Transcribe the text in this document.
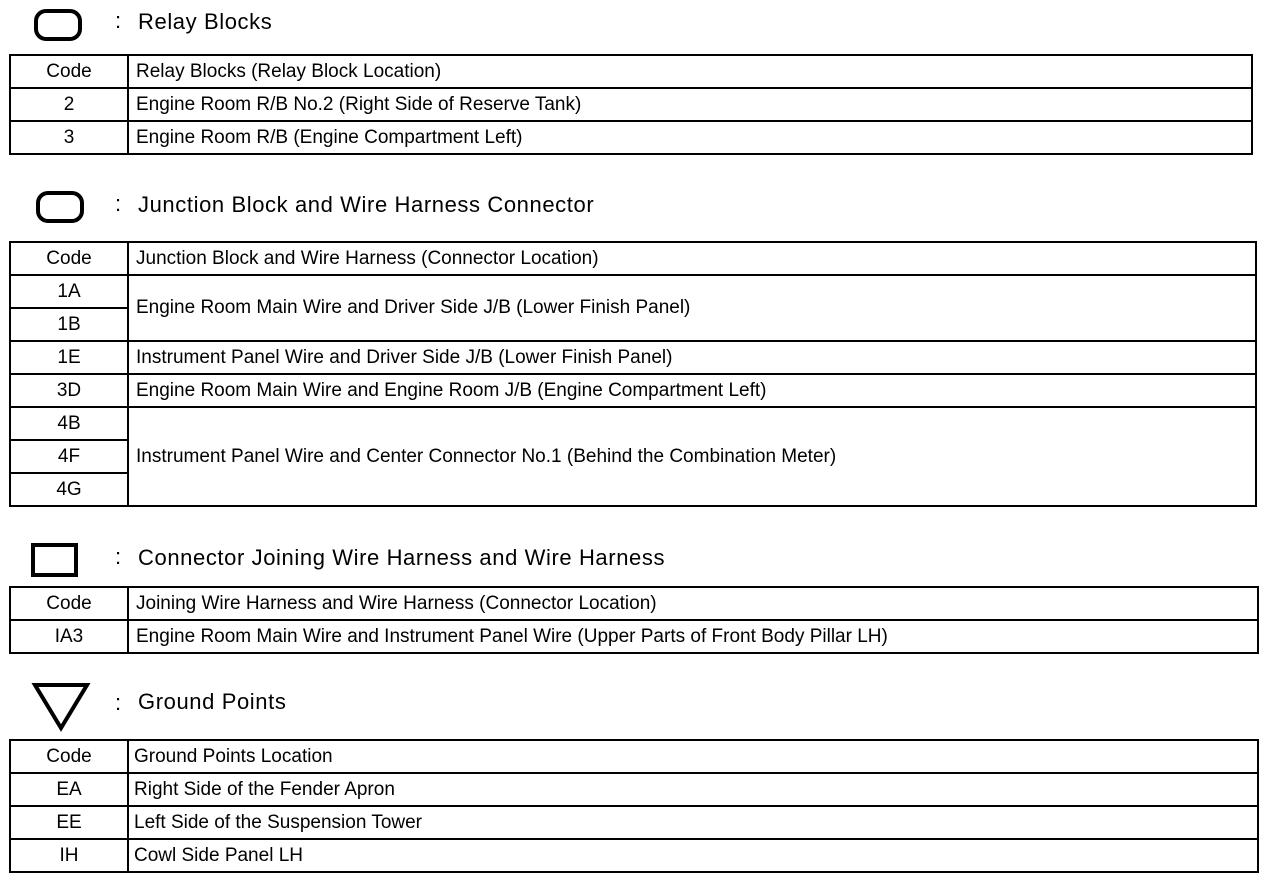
: Relay Blocks
Code	Relay Blocks (Relay Block Location)
2	Engine Room R/B No.2 (Right Side of Reserve Tank)
3	Engine Room R/B (Engine Compartment Left)
: Junction Block and Wire Harness Connector
Code	Junction Block and Wire Harness (Connector Location)
1A	Engine Room Main Wire and Driver Side J/B (Lower Finish Panel)
1B	
1E	Instrument Panel Wire and Driver Side J/B (Lower Finish Panel)
3D	Engine Room Main Wire and Engine Room J/B (Engine Compartment Left)
4B	Instrument Panel Wire and Center Connector No.1 (Behind the Combination Meter)
4F	
4G	
: Connector Joining Wire Harness and Wire Harness
Code	Joining Wire Harness and Wire Harness (Connector Location)
IA3	Engine Room Main Wire and Instrument Panel Wire (Upper Parts of Front Body Pillar LH)
: Ground Points
Code	Ground Points Location
EA	Right Side of the Fender Apron
EE	Left Side of the Suspension Tower
IH	Cowl Side Panel LH
